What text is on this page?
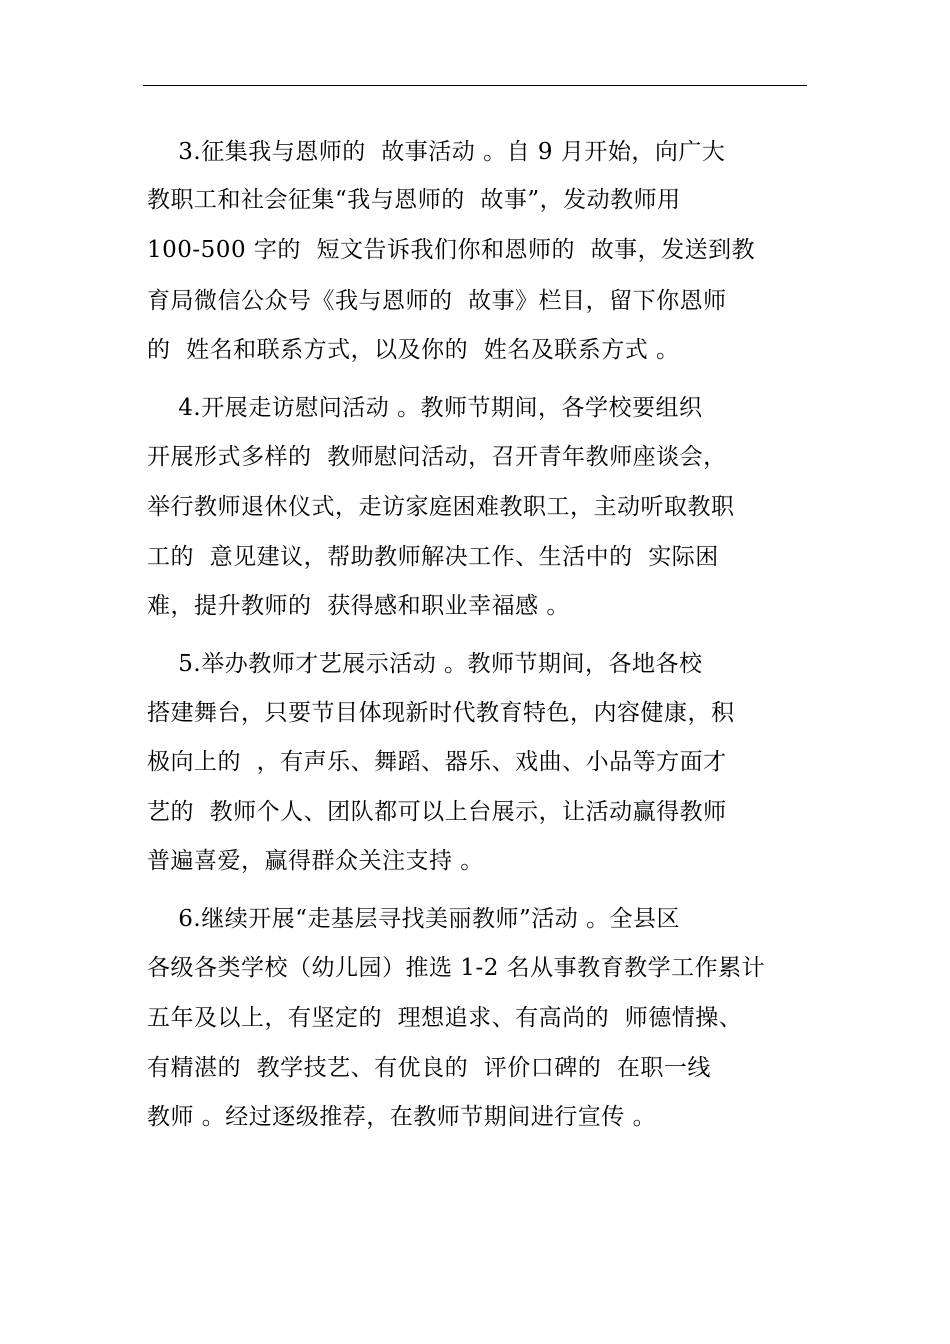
3.征集我与恩师的  故事活动 。自 9 月开始，向广大
教职工和社会征集“我与恩师的  故事”，发动教师用
100-500 字的  短文告诉我们你和恩师的  故事，发送到教
育局微信公众号《我与恩师的  故事》栏目，留下你恩师
的  姓名和联系方式，以及你的  姓名及联系方式 。
4.开展走访慰问活动 。教师节期间，各学校要组织
开展形式多样的  教师慰问活动，召开青年教师座谈会，
举行教师退休仪式，走访家庭困难教职工，主动听取教职
工的  意见建议，帮助教师解决工作、生活中的  实际困
难，提升教师的  获得感和职业幸福感 。
5.举办教师才艺展示活动 。教师节期间，各地各校
搭建舞台，只要节目体现新时代教育特色，内容健康，积
极向上的  ，有声乐、舞蹈、器乐、戏曲、小品等方面才
艺的  教师个人、团队都可以上台展示，让活动赢得教师
普遍喜爱，赢得群众关注支持 。
6.继续开展“走基层寻找美丽教师”活动 。全县区
各级各类学校（幼儿园）推选 1-2 名从事教育教学工作累计
五年及以上，有坚定的  理想追求、有高尚的  师德情操、
有精湛的  教学技艺、有优良的  评价口碑的  在职一线
教师 。经过逐级推荐，在教师节期间进行宣传 。
